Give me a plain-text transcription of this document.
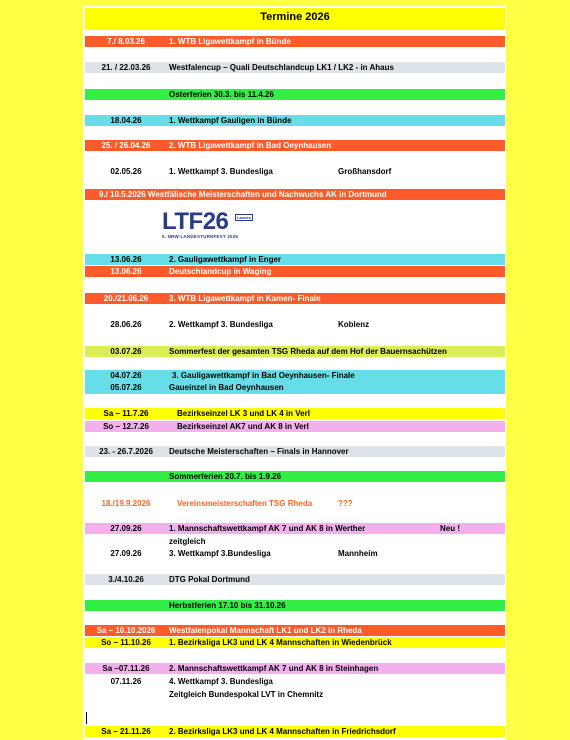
Termine 2026
7./ 8.03.26	1. WTB Ligawettkampf in Bünde
21. / 22.03.26	Westfalencup – Quali Deutschlandcup LK1 / LK2 - in Ahaus
Osterferien 30.3. bis 11.4.26
18.04.26	1. Wettkampf Gauligen in Bünde
25. / 26.04.26	2. WTB Ligawettkampf in Bad Oeynhausen
02.05.26	1. Wettkampf 3. Bundesliga	Großhansdorf
9./ 10.5.2026 Westfälische Meisterschaften und Nachwuchs AK in Dortmund
LTF26	Landes
5. NRW-LANDESTURNFEST 2026
13.06.26	2. Gauligawettkampf in Enger
13.06.26	Deutschlandcup in Waging
20./21.06.26	3. WTB Ligawettkampf in Kamen- Finale
28.06.26	2. Wettkampf 3. Bundesliga	Koblenz
03.07.26	Sommerfest der gesamten TSG Rheda auf dem Hof der Bauernsachützen
04.07.26	3. Gauligawettkampf in Bad Oeynhausen- Finale
05.07.26	Gaueinzel in Bad Oeynhausen
Sa – 11.7.26	Bezirkseinzel LK 3 und LK 4 in Verl
So – 12.7.26	Bezirkseinzel AK7 und AK 8 in Verl
23. - 26.7.2026	Deutsche Meisterschaften – Finals in Hannover
Sommerferien 20.7. bis 1.9.26
18./19.9.2026	Vereinsmeisterschaften TSG Rheda	???
27.09.26	1. Mannschaftswettkampf AK 7 und AK 8 in Werther	Neu !
zeitgleich
27.09.26	3. Wettkampf 3.Bundesliga	Mannheim
3./4.10.26	DTG Pokal Dortmund
Herbstferien 17.10 bis 31.10.26
Sa – 10.10.2026	Westfalenpokal Mannschaft LK1 und LK2 in Rheda
So – 11.10.26	1. Bezirksliga LK3 und LK 4 Mannschaften in Wiedenbrück
Sa –07.11.26	2. Mannschaftswettkampf AK 7 und AK 8 in Steinhagen
07.11.26	4. Wettkampf 3. Bundesliga
Zeitgleich Bundespokal LVT in Chemnitz
Sa – 21.11.26	2. Bezirksliga LK3 und LK 4 Mannschaften in Friedrichsdorf
